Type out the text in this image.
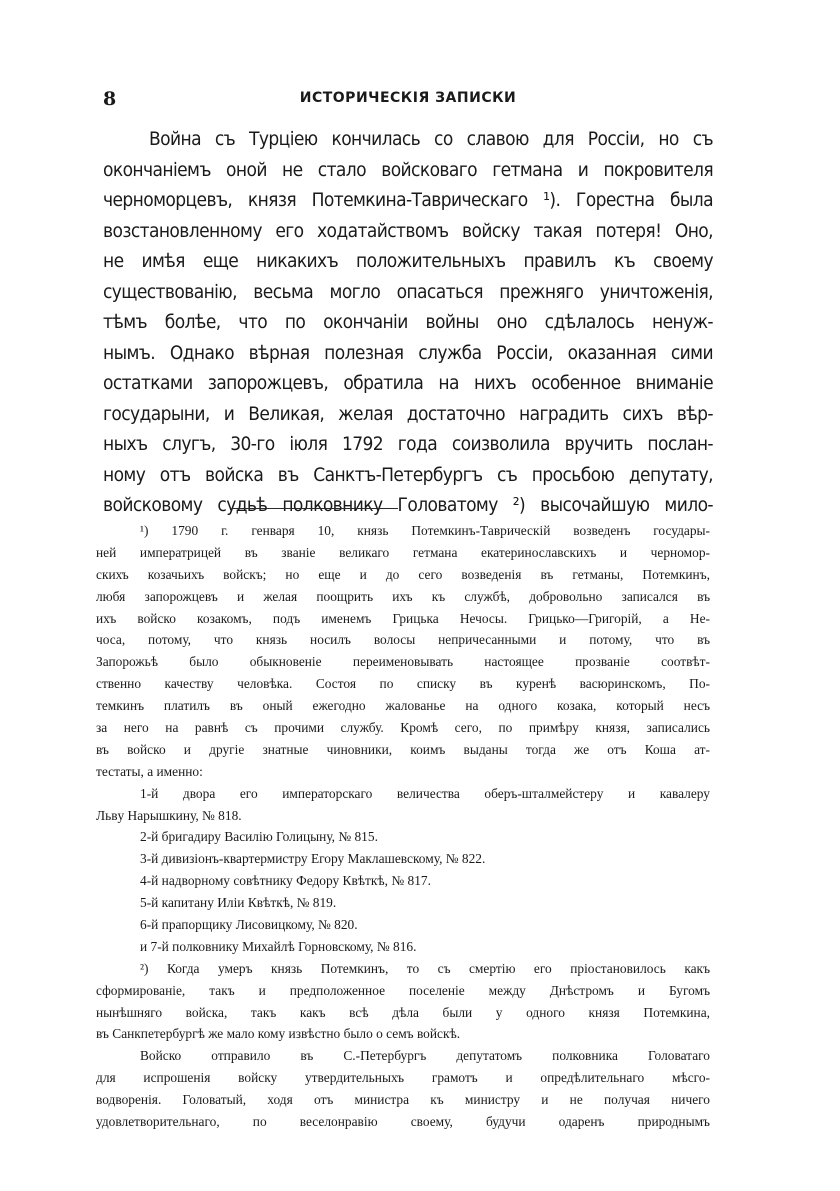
8	ИСТОРИЧЕСКІЯ ЗАПИСКИ
Война съ Турціею кончилась со славою для Россіи, но съ
окончаніемъ оной не стало войсковаго гетмана и покровителя
черноморцевъ, князя Потемкина-Таврическаго ¹). Горестна была
возстановленному его ходатайствомъ войску такая потеря! Оно,
не имѣя еще никакихъ положительныхъ правилъ къ своему
существованію, весьма могло опасаться прежняго уничтоженія,
тѣмъ болѣе, что по окончаніи войны оно сдѣлалось ненуж-
нымъ. Однако вѣрная полезная служба Россіи, оказанная сими
остатками запорожцевъ, обратила на нихъ особенное вниманіе
государыни, и Великая, желая достаточно наградить сихъ вѣр-
ныхъ слугъ, 30-го іюля 1792 года соизволила вручить послан-
ному отъ войска въ Санктъ-Петербургъ съ просьбою депутату,
войсковому судьѣ полковнику Головатому ²) высочайшую мило-
¹) 1790 г. генваря 10, князь Потемкинъ-Таврическій возведенъ государы-
ней императрицей въ званіе великаго гетмана екатеринославскихъ и черномор-
скихъ козачьихъ войскъ; но еще и до сего возведенія въ гетманы, Потемкинъ,
любя запорожцевъ и желая поощрить ихъ къ службѣ, добровольно записался въ
ихъ войско козакомъ, подъ именемъ Грицька Нечосы. Грицько—Григорій, а Не-
чоса, потому, что князь носилъ волосы непричесанными и потому, что въ
Запорожьѣ было обыкновеніе переименовывать настоящее прозваніе соотвѣт-
ственно качеству человѣка. Состоя по списку въ куренѣ васюринскомъ, По-
темкинъ платилъ въ оный ежегодно жалованье на одного козака, который несъ
за него на равнѣ съ прочими службу. Кромѣ сего, по примѣру князя, записались
въ войско и другіе знатные чиновники, коимъ выданы тогда же отъ Коша ат-
тестаты, а именно:
1-й двора его императорскаго величества оберъ-шталмейстеру и кавалеру
Львy Нарышкину, № 818.
2-й бригадиру Василію Голицыну, № 815.
3-й дивизіонъ-квартермистру Егору Маклашевскому, № 822.
4-й надворному совѣтнику Федору Квѣткѣ, № 817.
5-й капитану Иліи Квѣткѣ, № 819.
6-й прапорщику Лисовицкому, № 820.
и 7-й полковнику Михайлѣ Горновскому, № 816.
²) Когда умеръ князь Потемкинъ, то съ смертію его пріостановилось какъ
сформированіе, такъ и предположенное поселеніе между Днѣстромъ и Бугомъ
нынѣшняго войска, такъ какъ всѣ дѣла были у одного князя Потемкина,
въ Санкпетербургѣ же мало кому извѣстно было о семъ войскѣ.
Войско отправило въ С.-Петербургъ депутатомъ полковника Головатаго
для испрошенія войску утвердительныхъ грамотъ и опредѣлительнаго мѣсго-
водворенія. Головатый, ходя отъ министра къ министру и не получая ничего
удовлетворительнаго, по веселонравію своему, будучи одаренъ природнымъ
